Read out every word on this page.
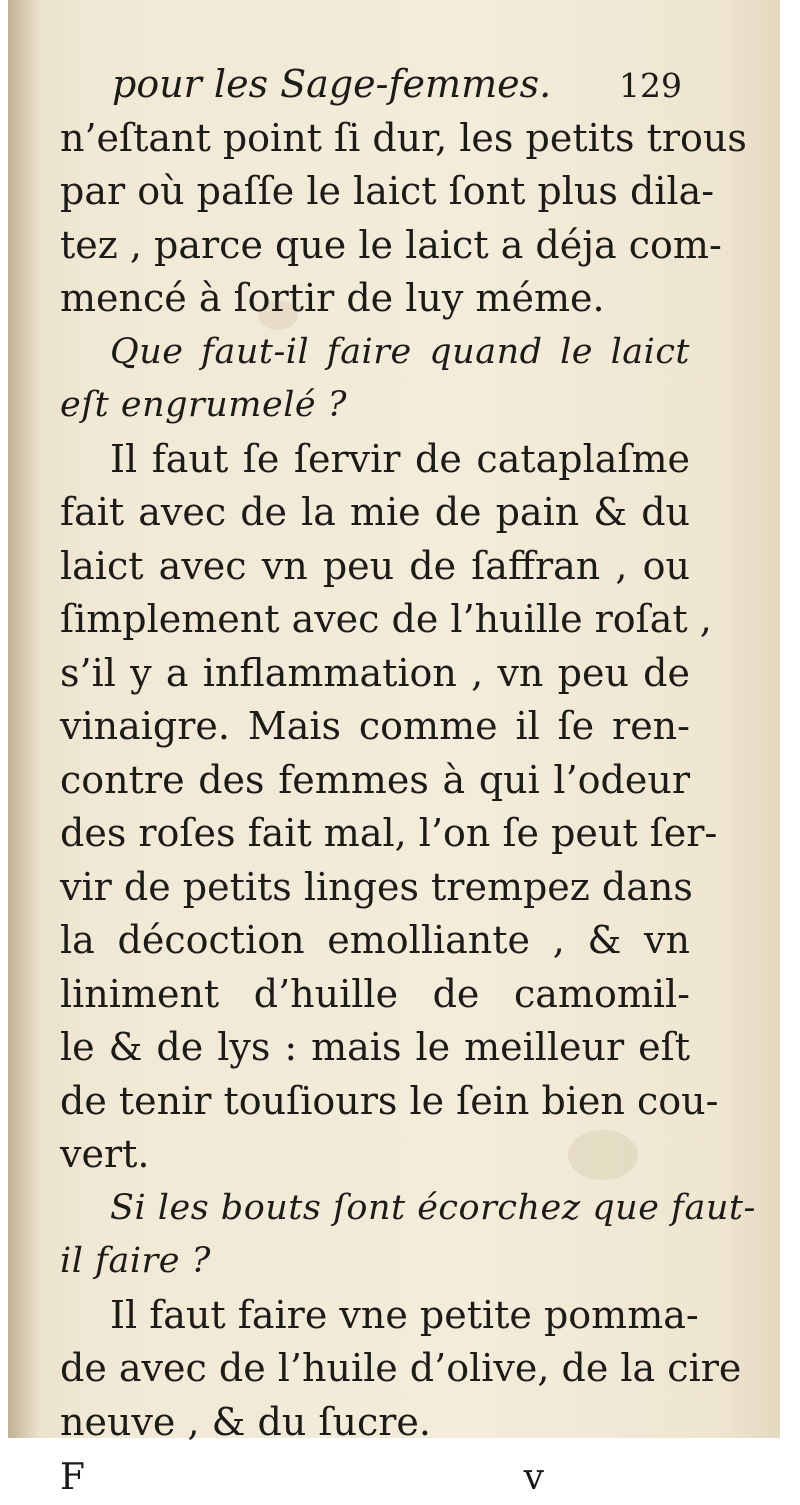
pour les Sage-femmes. 129
n’eſtant point ſi dur, les petits trous
par où paſſe le laict ſont plus dila-
tez , parce que le laict a déja com-
mencé à ſortir de luy méme.
Que faut-il faire quand le laict
eſt engrumelé ?
Il faut ſe ſervir de cataplaſme
fait avec de la mie de pain & du
laict avec vn peu de ſaffran , ou
ſimplement avec de l’huille roſat ,
s’il y a inflammation , vn peu de
vinaigre. Mais comme il ſe ren-
contre des femmes à qui l’odeur
des roſes fait mal, l’on ſe peut ſer-
vir de petits linges trempez dans
la décoction emolliante , & vn
liniment d’huille de camomil-
le & de lys : mais le meilleur eſt
de tenir touſiours le ſein bien cou-
vert.
Si les bouts ſont écorchez que faut-
il faire ?
Il faut faire vne petite pomma-
de avec de l’huile d’olive, de la cire
neuve , & du ſucre.
F v
